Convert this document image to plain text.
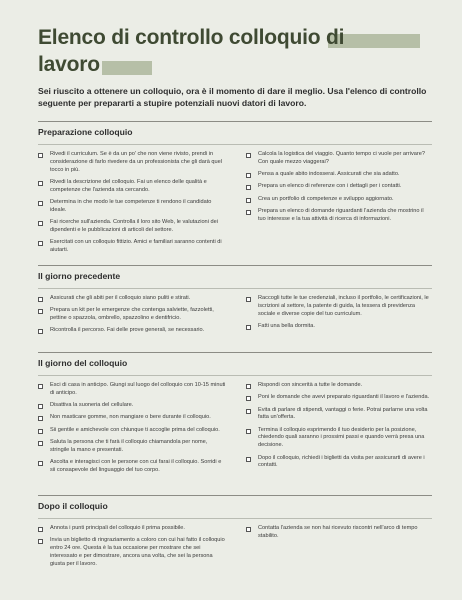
Elenco di controllo colloquio di
lavoro

Sei riuscito a ottenere un colloquio, ora è il momento di dare il meglio. Usa l'elenco di controllo seguente per prepararti a stupire potenziali nuovi datori di lavoro.

Preparazione colloquio
Rivedi il curriculum. Se è da un po' che non viene rivisto, prendi in considerazione di farlo rivedere da un professionista che gli darà quel tocco in più.
Rivedi la descrizione del colloquio. Fai un elenco delle qualità e competenze che l'azienda sta cercando.
Determina in che modo le tue competenze ti rendono il candidato ideale.
Fai ricerche sull'azienda. Controlla il loro sito Web, le valutazioni dei dipendenti e le pubblicazioni di articoli del settore.
Esercitati con un colloquio fittizio. Amici e familiari saranno contenti di aiutarti.
Calcola la logistica del viaggio. Quanto tempo ci vuole per arrivare? Con quale mezzo viaggerai?
Pensa a quale abito indosserai. Assicurati che sia adatto.
Prepara un elenco di referenze con i dettagli per i contatti.
Crea un portfolio di competenze e sviluppo aggiornato.
Prepara un elenco di domande riguardanti l'azienda che mostrino il tuo interesse e la tua attività di ricerca di informazioni.
Il giorno precedente
Assicurati che gli abiti per il colloquio siano puliti e stirati.
Prepara un kit per le emergenze che contenga salviette, fazzoletti, pettine o spazzola, ombrello, spazzolino e dentifricio.
Ricontrolla il percorso. Fai delle prove generali, se necessario.
Raccogli tutte le tue credenziali, incluso il portfolio, le certificazioni, le iscrizioni al settore, la patente di guida, la tessera di previdenza sociale e diverse copie del tuo curriculum.
Fatti una bella dormita.
Il giorno del colloquio
Esci di casa in anticipo. Giungi sul luogo del colloquio con 10-15 minuti di anticipo.
Disattiva la suoneria del cellulare.
Non masticare gomme, non mangiare o bere durante il colloquio.
Sii gentile e amichevole con chiunque ti accoglie prima del colloquio.
Saluta la persona che ti farà il colloquio chiamandola per nome, stringile la mano e presentati.
Ascolta e interagisci con le persone con cui farai il colloquio. Sorridi e sii consapevole del linguaggio del tuo corpo.
Rispondi con sincerità a tutte le domande.
Poni le domande che avevi preparato riguardanti il lavoro e l'azienda.
Evita di parlare di stipendi, vantaggi o ferie. Potrai parlarne una volta fatta un'offerta.
Termina il colloquio esprimendo il tuo desiderio per la posizione, chiedendo quali saranno i prossimi passi e quando verrà presa una decisione.
Dopo il colloquio, richiedi i biglietti da visita per assicurarti di avere i contatti.
Dopo il colloquio
Annota i punti principali del colloquio il prima possibile.
Invia un biglietto di ringraziamento a coloro con cui hai fatto il colloquio entro 24 ore. Questa è la tua occasione per mostrare che sei interessato e per dimostrare, ancora una volta, che sei la persona giusta per il lavoro.
Contatta l'azienda se non hai ricevuto riscontri nell'arco di tempo stabilito.
